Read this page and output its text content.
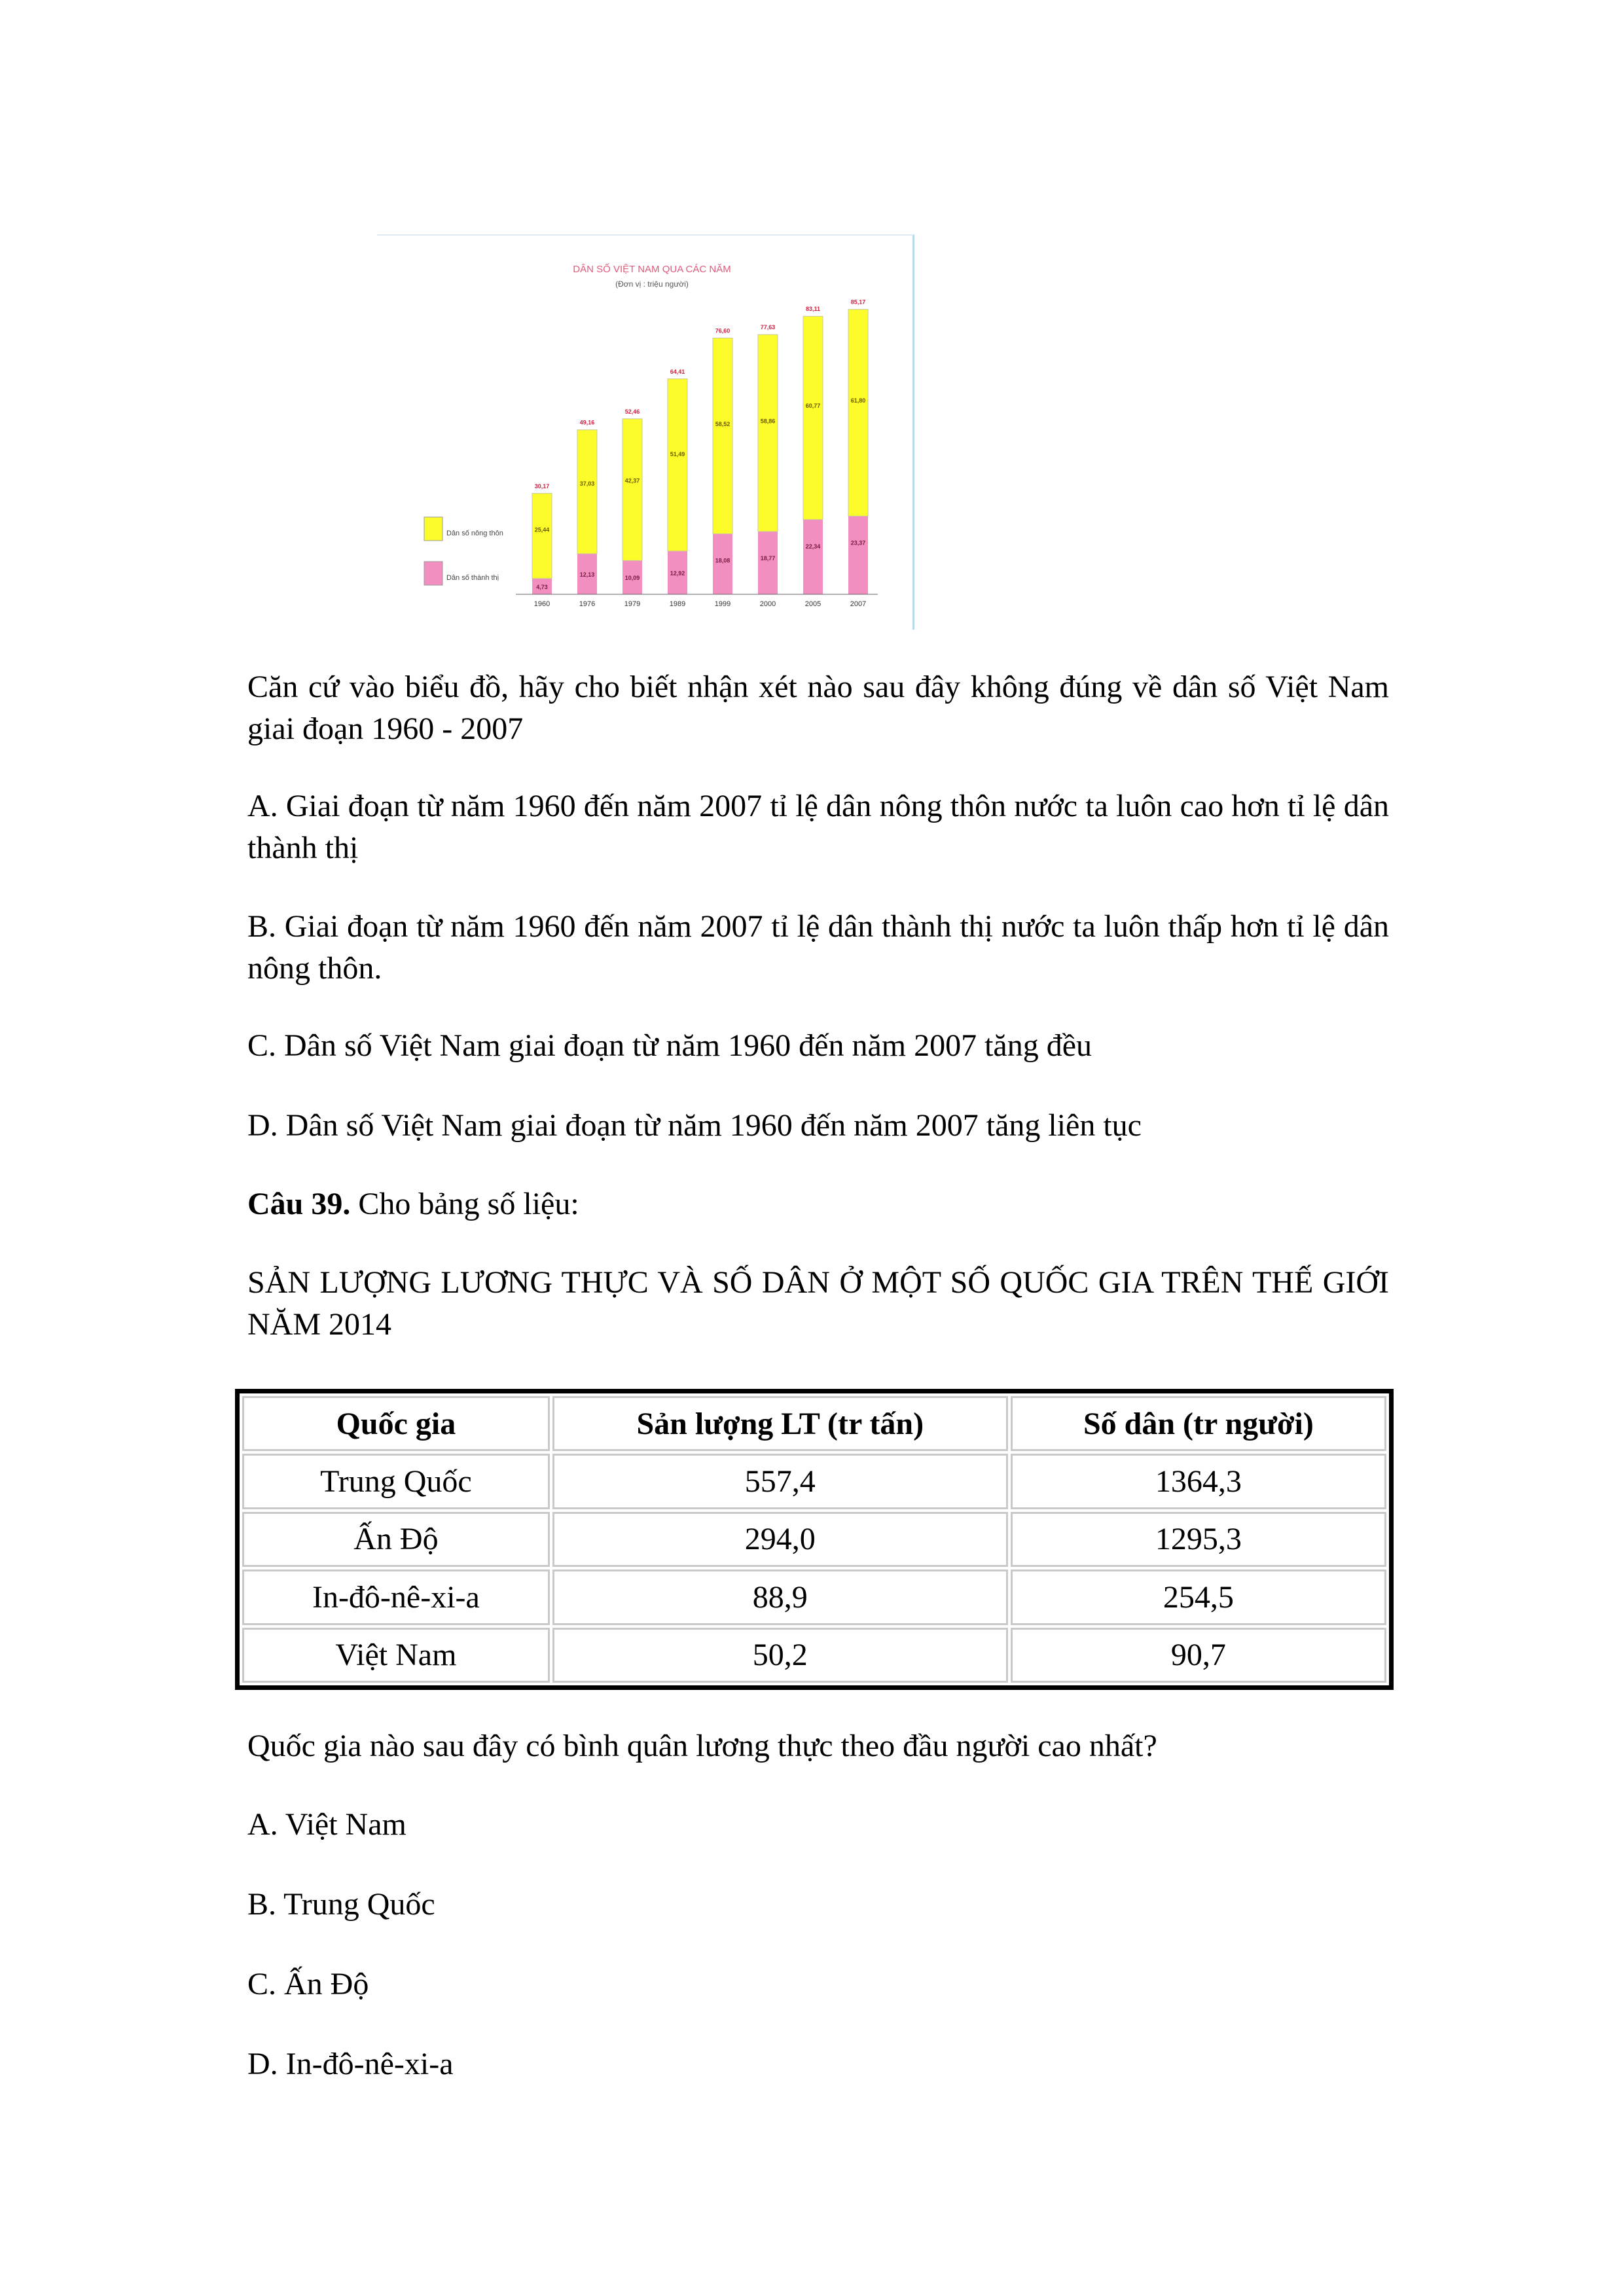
DÂN SỐ VIỆT NAM QUA CÁC NĂM
(Đơn vị : triệu người)
4,73
25,44
30,17
1960
12,13
37,03
49,16
1976
10,09
42,37
52,46
1979
12,92
51,49
64,41
1989
18,08
58,52
76,60
1999
18,77
58,86
77,63
2000
22,34
60,77
83,11
2005
23,37
61,80
85,17
2007
Dân số nông thôn
Dân số thành thị

Căn cứ vào biểu đồ, hãy cho biết nhận xét nào sau đây không đúng về dân số Việt Nam giai đoạn 1960 - 2007

A. Giai đoạn từ năm 1960 đến năm 2007 tỉ lệ dân nông thôn nước ta luôn cao hơn tỉ lệ dân thành thị

B. Giai đoạn từ năm 1960 đến năm 2007 tỉ lệ dân thành thị nước ta luôn thấp hơn tỉ lệ dân nông thôn.

C. Dân số Việt Nam giai đoạn từ năm 1960 đến năm 2007 tăng đều

D. Dân số Việt Nam giai đoạn từ năm 1960 đến năm 2007 tăng liên tục

Câu 39. Cho bảng số liệu:

SẢN LƯỢNG LƯƠNG THỰC VÀ SỐ DÂN Ở MỘT SỐ QUỐC GIA TRÊN THẾ GIỚI NĂM 2014

Quốc gia	Sản lượng LT (tr tấn)	Số dân (tr người)
Trung Quốc	557,4	1364,3
Ấn Độ	294,0	1295,3
In-đô-nê-xi-a	88,9	254,5
Việt Nam	50,2	90,7

Quốc gia nào sau đây có bình quân lương thực theo đầu người cao nhất?

A. Việt Nam

B. Trung Quốc

C. Ấn Độ

D. In-đô-nê-xi-a
